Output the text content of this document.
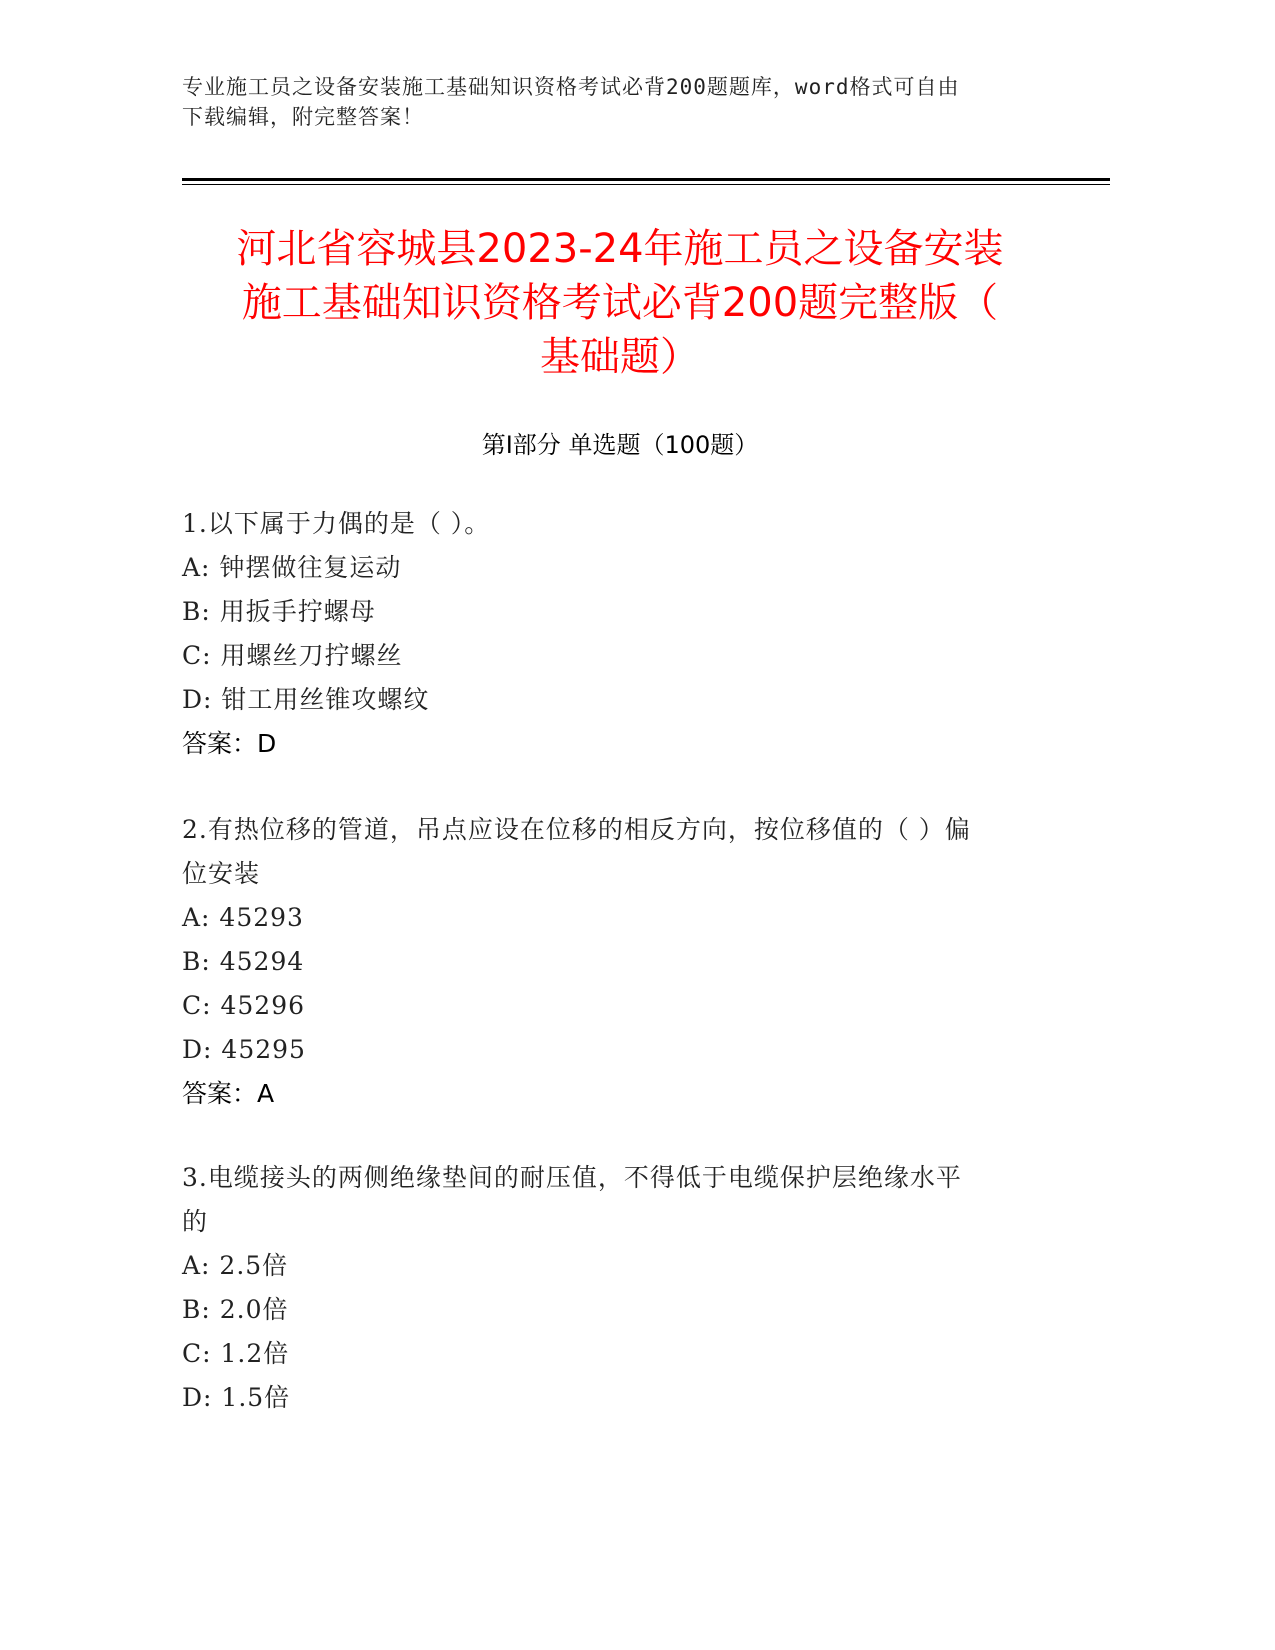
专业施工员之设备安装施工基础知识资格考试必背200题题库，word格式可自由
下载编辑，附完整答案！
河北省容城县2023-24年施工员之设备安装
施工基础知识资格考试必背200题完整版（
基础题）
第Ⅰ部分 单选题（100题）
1.以下属于力偶的是（ ）。
A: 钟摆做往复运动
B: 用扳手拧螺母
C: 用螺丝刀拧螺丝
D: 钳工用丝锥攻螺纹
答案：D
2.有热位移的管道，吊点应设在位移的相反方向，按位移值的（ ）偏
位安装
A: 45293
B: 45294
C: 45296
D: 45295
答案：A
3.电缆接头的两侧绝缘垫间的耐压值，不得低于电缆保护层绝缘水平
的
A: 2.5倍
B: 2.0倍
C: 1.2倍
D: 1.5倍
